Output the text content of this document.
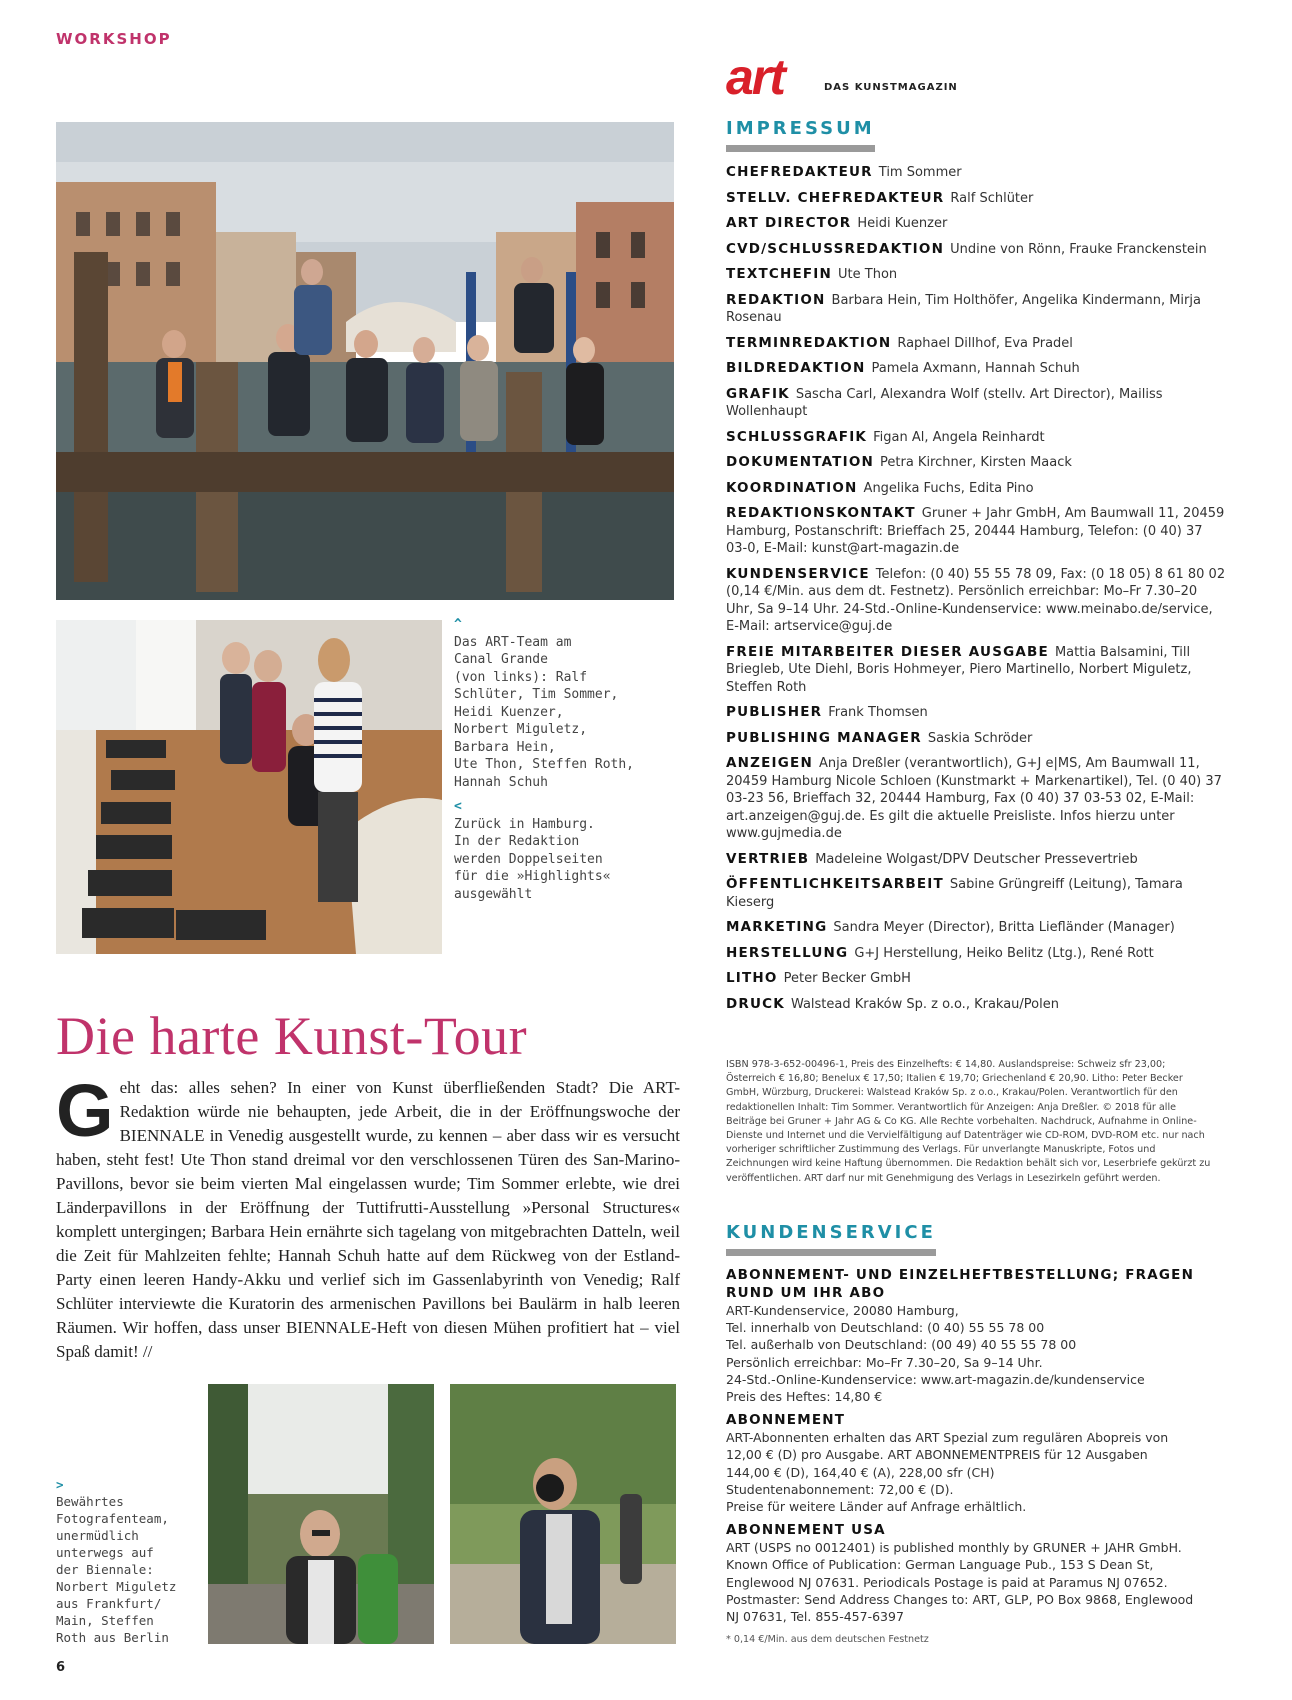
WORKSHOP
^
Das ART-Team am
Canal Grande
(von links): Ralf
Schlüter, Tim Sommer,
Heidi Kuenzer,
Norbert Miguletz,
Barbara Hein,
Ute Thon, Steffen Roth,
Hannah Schuh
<
Zurück in Hamburg.
In der Redaktion
werden Doppelseiten
für die »Highlights«
ausgewählt
Die harte Kunst-Tour
Geht das: alles sehen? In einer von Kunst überfließenden Stadt? Die ART-Redaktion würde nie behaupten, jede Arbeit, die in der Eröffnungswoche der BIENNALE in Venedig ausgestellt wurde, zu kennen – aber dass wir es versucht haben, steht fest! Ute Thon stand dreimal vor den verschlossenen Türen des San-Marino-Pavillons, bevor sie beim vierten Mal eingelassen wurde; Tim Sommer erlebte, wie drei Länderpavillons in der Eröffnung der Tuttifrutti-Ausstellung »Personal Structures« komplett untergingen; Barbara Hein ernährte sich tagelang von mitgebrachten Datteln, weil die Zeit für Mahlzeiten fehlte; Hannah Schuh hatte auf dem Rückweg von der Estland-Party einen leeren Handy-Akku und verlief sich im Gassenlabyrinth von Venedig; Ralf Schlüter interviewte die Kuratorin des armenischen Pavillons bei Baulärm in halb leeren Räumen. Wir hoffen, dass unser BIENNALE-Heft von diesen Mühen profitiert hat – viel Spaß damit! //
>
Bewährtes
Fotografenteam,
unermüdlich
unterwegs auf
der Biennale:
Norbert Miguletz
aus Frankfurt/
Main, Steffen
Roth aus Berlin
6
art	DAS KUNSTMAGAZIN
IMPRESSUM
CHEFREDAKTEUR Tim Sommer
STELLV. CHEFREDAKTEUR Ralf Schlüter
ART DIRECTOR Heidi Kuenzer
CVD/SCHLUSSREDAKTION Undine von Rönn, Frauke Franckenstein
TEXTCHEFIN Ute Thon
REDAKTION Barbara Hein, Tim Holthöfer, Angelika Kindermann, Mirja Rosenau
TERMINREDAKTION Raphael Dillhof, Eva Pradel
BILDREDAKTION Pamela Axmann, Hannah Schuh
GRAFIK Sascha Carl, Alexandra Wolf (stellv. Art Director), Mailiss Wollenhaupt
SCHLUSSGRAFIK Figan Al, Angela Reinhardt
DOKUMENTATION Petra Kirchner, Kirsten Maack
KOORDINATION Angelika Fuchs, Edita Pino
REDAKTIONSKONTAKT Gruner + Jahr GmbH, Am Baumwall 11, 20459 Hamburg, Postanschrift: Brieffach 25, 20444 Hamburg, Telefon: (0 40) 37 03-0, E-Mail: kunst@art-magazin.de
KUNDENSERVICE Telefon: (0 40) 55 55 78 09, Fax: (0 18 05) 8 61 80 02 (0,14 €/Min. aus dem dt. Festnetz). Persönlich erreichbar: Mo–Fr 7.30–20 Uhr, Sa 9–14 Uhr. 24-Std.-Online-Kundenservice: www.meinabo.de/service, E-Mail: artservice@guj.de
FREIE MITARBEITER DIESER AUSGABE Mattia Balsamini, Till Briegleb, Ute Diehl, Boris Hohmeyer, Piero Martinello, Norbert Miguletz, Steffen Roth
PUBLISHER Frank Thomsen
PUBLISHING MANAGER Saskia Schröder
ANZEIGEN Anja Dreßler (verantwortlich), G+J e|MS, Am Baumwall 11, 20459 Hamburg Nicole Schloen (Kunstmarkt + Markenartikel), Tel. (0 40) 37 03-23 56, Brieffach 32, 20444 Hamburg, Fax (0 40) 37 03-53 02, E-Mail: art.anzeigen@guj.de. Es gilt die aktuelle Preisliste. Infos hierzu unter www.gujmedia.de
VERTRIEB Madeleine Wolgast/DPV Deutscher Pressevertrieb
ÖFFENTLICHKEITSARBEIT Sabine Grüngreiff (Leitung), Tamara Kieserg
MARKETING Sandra Meyer (Director), Britta Liefländer (Manager)
HERSTELLUNG G+J Herstellung, Heiko Belitz (Ltg.), René Rott
LITHO Peter Becker GmbH
DRUCK Walstead Kraków Sp. z o.o., Krakau/Polen
ISBN 978-3-652-00496-1, Preis des Einzelhefts: € 14,80. Auslandspreise: Schweiz sfr 23,00; Österreich € 16,80; Benelux € 17,50; Italien € 19,70; Griechenland € 20,90. Litho: Peter Becker GmbH, Würzburg, Druckerei: Walstead Kraków Sp. z o.o., Krakau/Polen. Verantwortlich für den redaktionellen Inhalt: Tim Sommer. Verantwortlich für Anzeigen: Anja Dreßler. © 2018 für alle Beiträge bei Gruner + Jahr AG & Co KG. Alle Rechte vorbehalten. Nachdruck, Aufnahme in Online-Dienste und Internet und die Vervielfältigung auf Datenträger wie CD-ROM, DVD-ROM etc. nur nach vorheriger schriftlicher Zustimmung des Verlags. Für unverlangte Manuskripte, Fotos und Zeichnungen wird keine Haftung übernommen. Die Redaktion behält sich vor, Leserbriefe gekürzt zu veröffentlichen. ART darf nur mit Genehmigung des Verlags in Lesezirkeln geführt werden.
KUNDENSERVICE
ABONNEMENT- UND EINZELHEFTBESTELLUNG; FRAGEN RUND UM IHR ABO
ART-Kundenservice, 20080 Hamburg,
Tel. innerhalb von Deutschland: (0 40) 55 55 78 00
Tel. außerhalb von Deutschland: (00 49) 40 55 55 78 00
Persönlich erreichbar: Mo–Fr 7.30–20, Sa 9–14 Uhr.
24-Std.-Online-Kundenservice: www.art-magazin.de/kundenservice
Preis des Heftes: 14,80 €
ABONNEMENT
ART-Abonnenten erhalten das ART Spezial zum regulären Abopreis von
12,00 € (D) pro Ausgabe. ART ABONNEMENTPREIS für 12 Ausgaben
144,00 € (D), 164,40 € (A), 228,00 sfr (CH)
Studentenabonnement: 72,00 € (D).
Preise für weitere Länder auf Anfrage erhältlich.
ABONNEMENT USA
ART (USPS no 0012401) is published monthly by GRUNER + JAHR GmbH.
Known Office of Publication: German Language Pub., 153 S Dean St,
Englewood NJ 07631. Periodicals Postage is paid at Paramus NJ 07652.
Postmaster: Send Address Changes to: ART, GLP, PO Box 9868, Englewood
NJ 07631, Tel. 855-457-6397
* 0,14 €/Min. aus dem deutschen Festnetz
